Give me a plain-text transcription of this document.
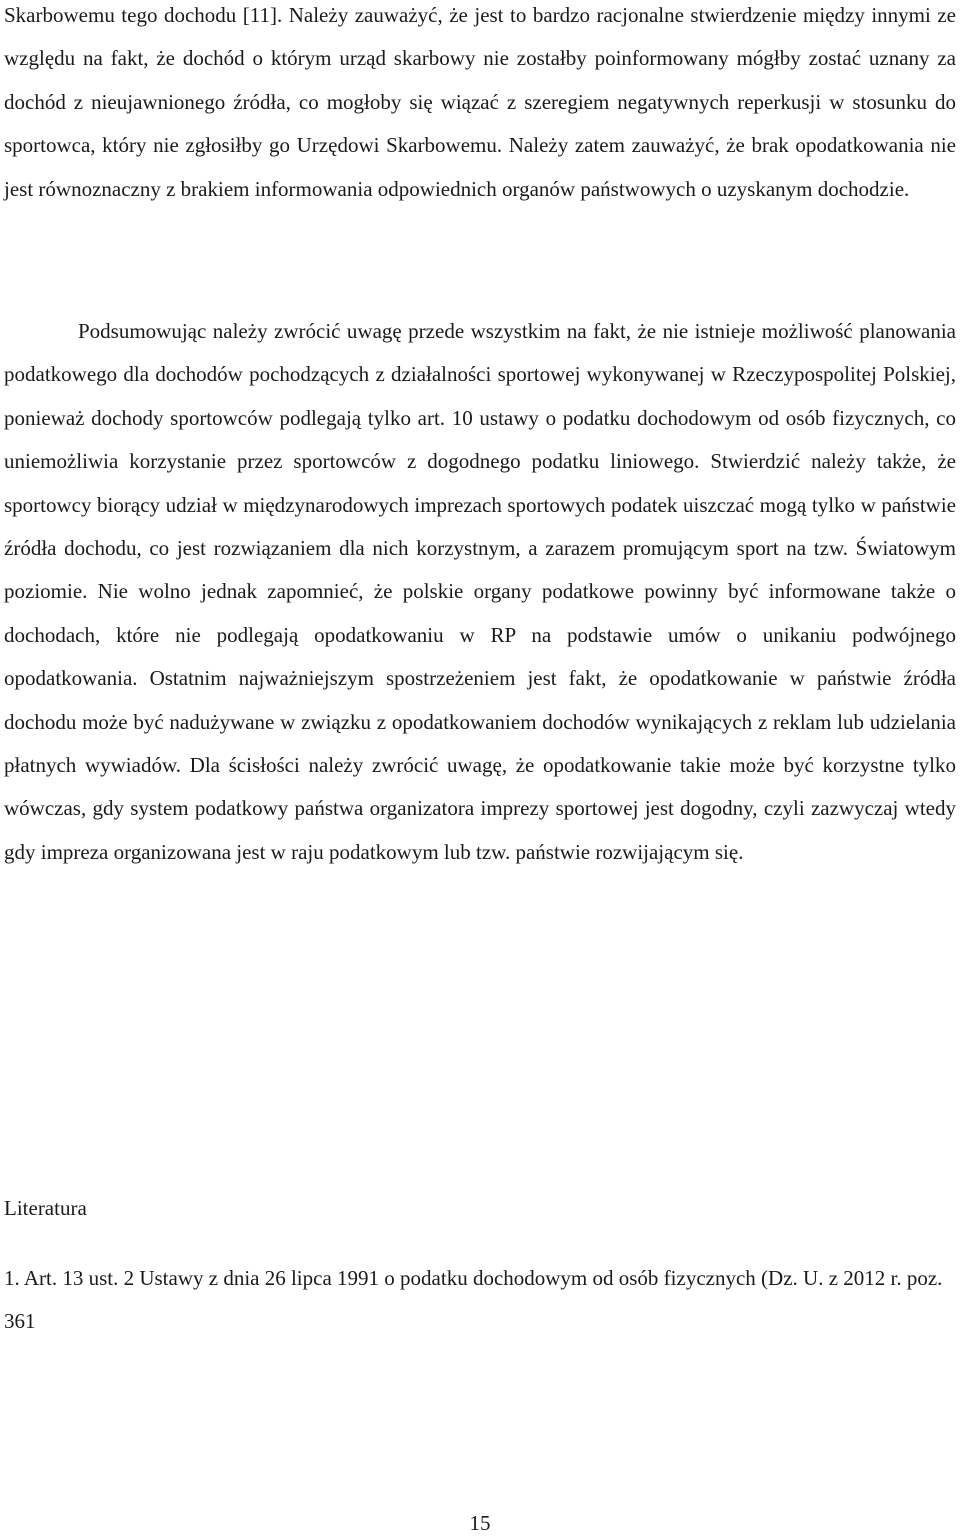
Skarbowemu tego dochodu [11]. Należy zauważyć, że jest to bardzo racjonalne stwierdzenie między innymi ze względu na fakt, że dochód o którym urząd skarbowy nie zostałby poinformowany mógłby zostać uznany za dochód z nieujawnionego źródła, co mogłoby się wiązać z szeregiem negatywnych reperkusji w stosunku do sportowca, który nie zgłosiłby go Urzędowi Skarbowemu. Należy zatem zauważyć, że brak opodatkowania nie jest równoznaczny z brakiem informowania odpowiednich organów państwowych o uzyskanym dochodzie.

Podsumowując należy zwrócić uwagę przede wszystkim na fakt, że nie istnieje możliwość planowania podatkowego dla dochodów pochodzących z działalności sportowej wykonywanej w Rzeczypospolitej Polskiej, ponieważ dochody sportowców podlegają tylko art. 10 ustawy o podatku dochodowym od osób fizycznych, co uniemożliwia korzystanie przez sportowców z dogodnego podatku liniowego. Stwierdzić należy także, że sportowcy biorący udział w międzynarodowych imprezach sportowych podatek uiszczać mogą tylko w państwie źródła dochodu, co jest rozwiązaniem dla nich korzystnym, a zarazem promującym sport na tzw. Światowym poziomie. Nie wolno jednak zapomnieć, że polskie organy podatkowe powinny być informowane także o dochodach, które nie podlegają opodatkowaniu w RP na podstawie umów o unikaniu podwójnego opodatkowania. Ostatnim najważniejszym spostrzeżeniem jest fakt, że opodatkowanie w państwie źródła dochodu może być nadużywane w związku z opodatkowaniem dochodów wynikających z reklam lub udzielania płatnych wywiadów. Dla ścisłości należy zwrócić uwagę, że opodatkowanie takie może być korzystne tylko wówczas, gdy system podatkowy państwa organizatora imprezy sportowej jest dogodny, czyli zazwyczaj wtedy gdy impreza organizowana jest w raju podatkowym lub tzw. państwie rozwijającym się.

Literatura
1. Art. 13 ust. 2 Ustawy z dnia 26 lipca 1991 o podatku dochodowym od osób fizycznych (Dz. U. z 2012 r. poz. 361

15
